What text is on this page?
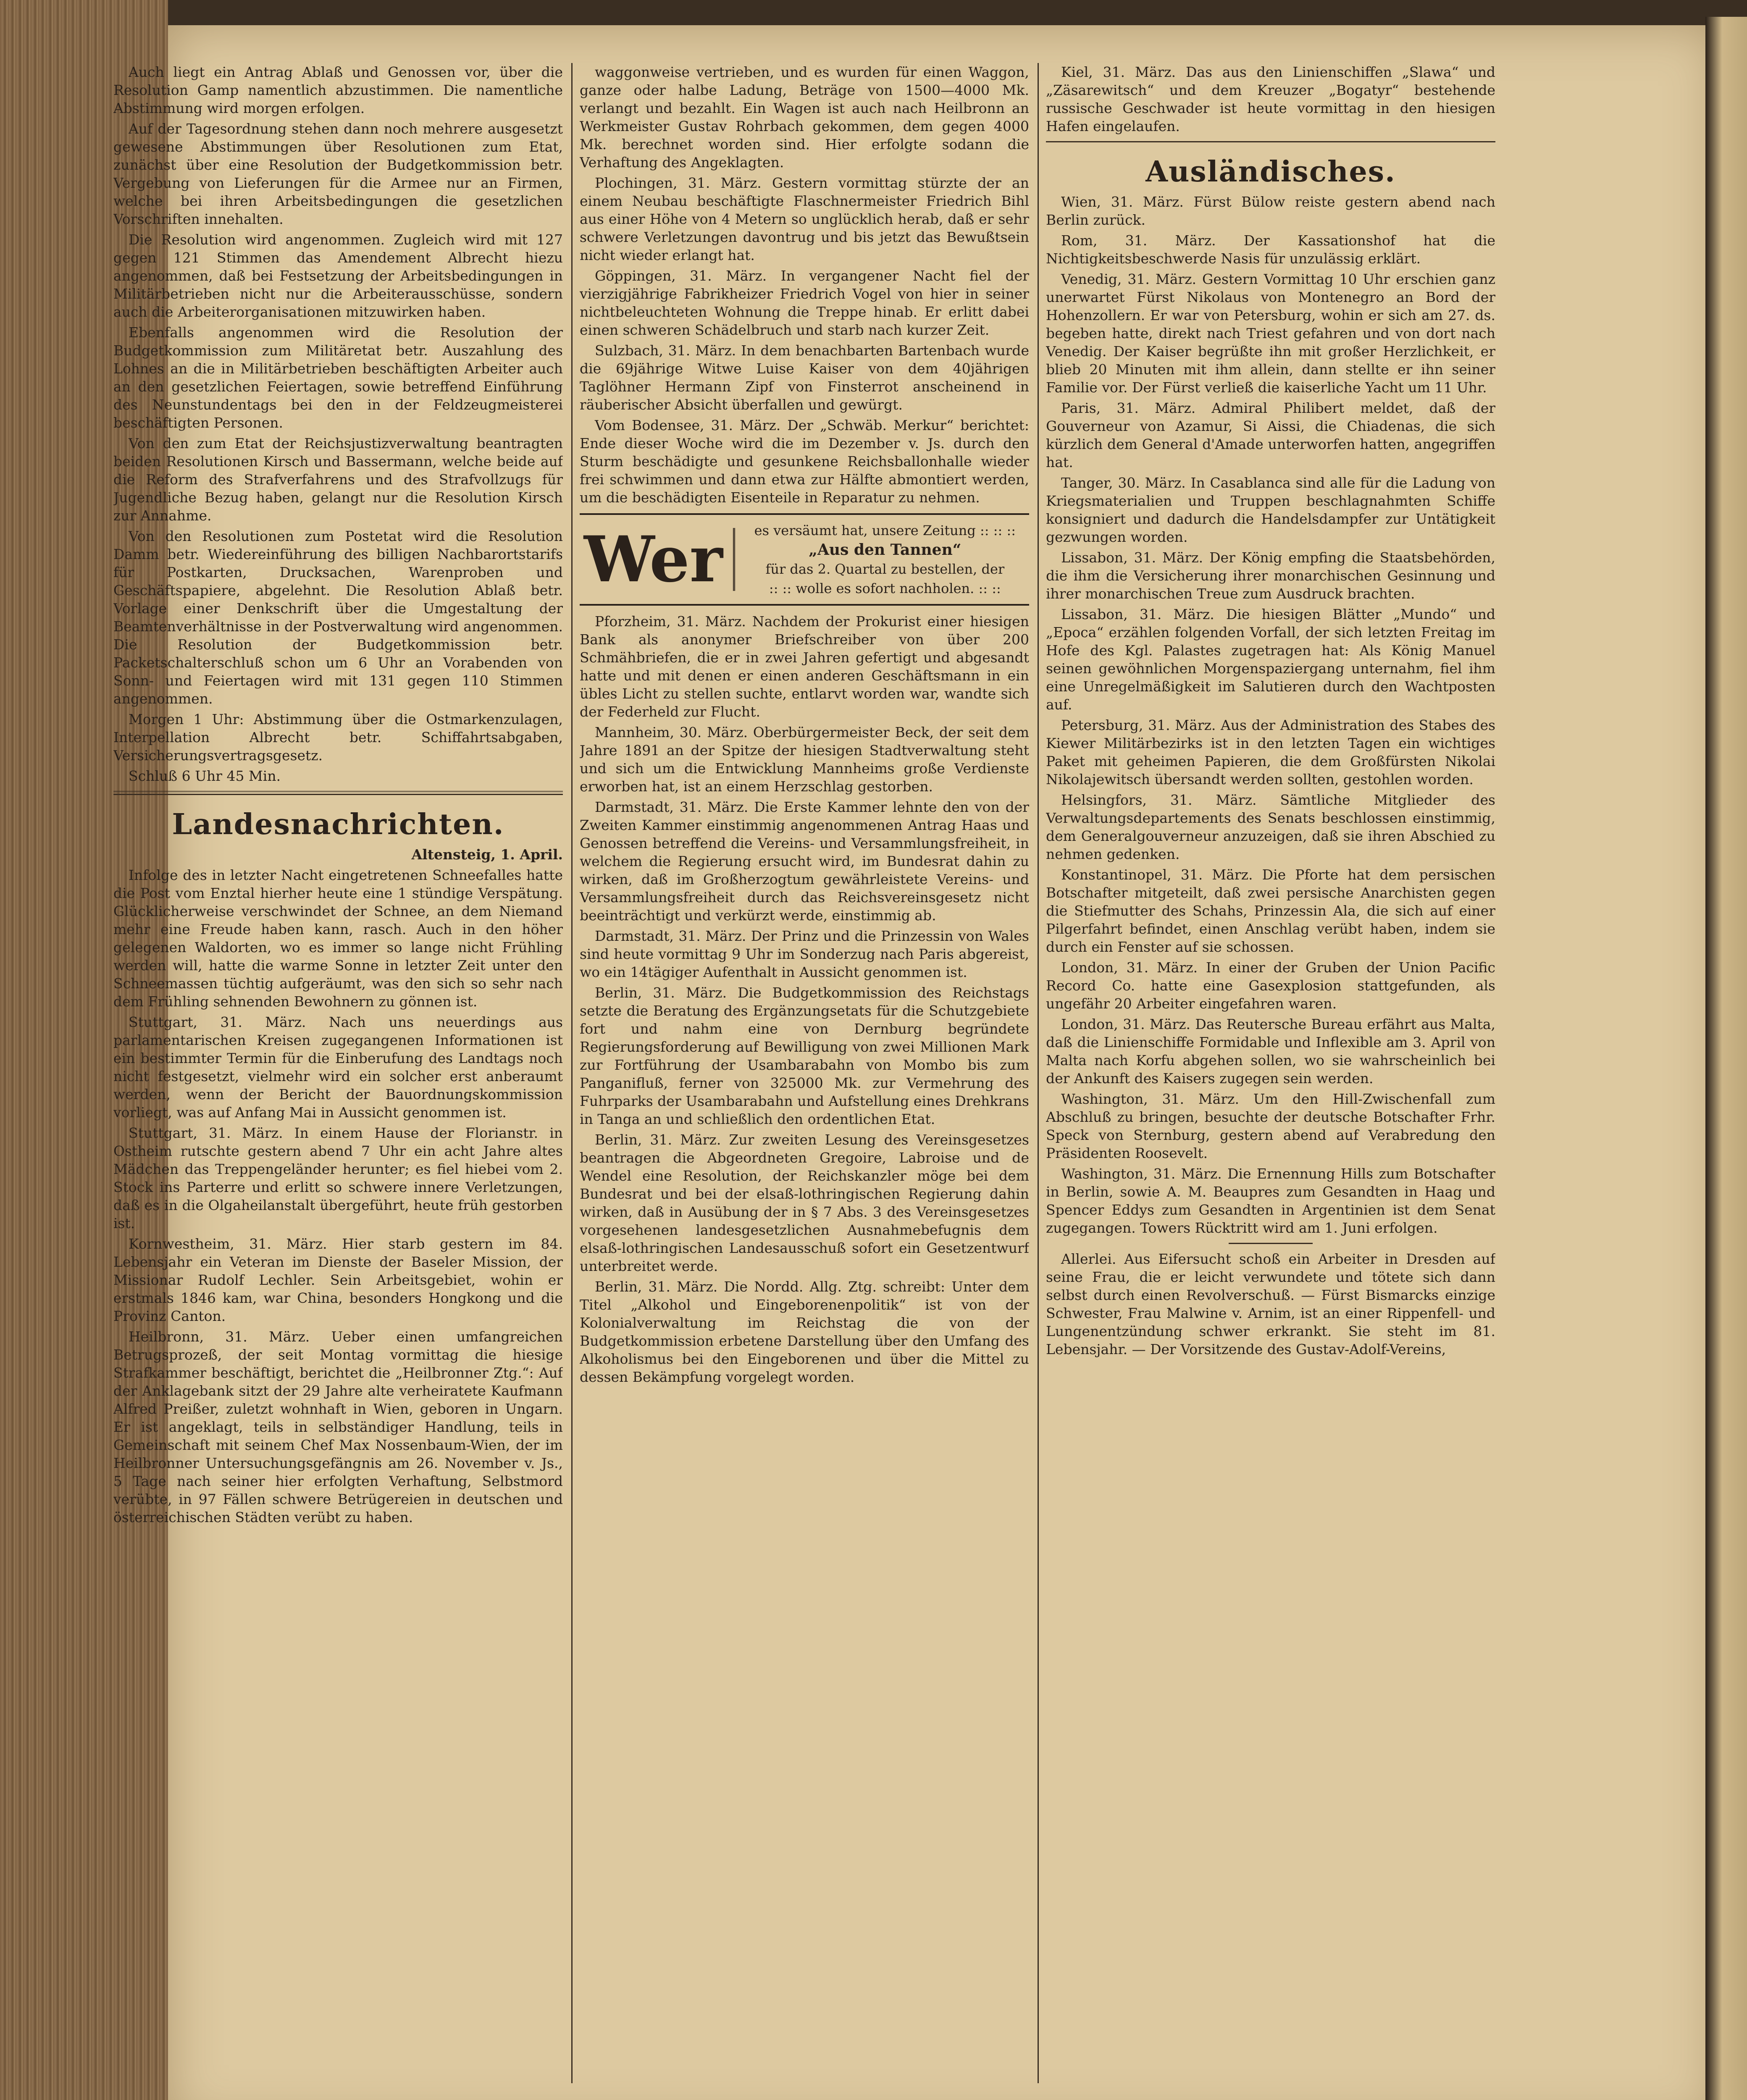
Auch liegt ein Antrag Ablaß und Genossen vor, über die Resolution Gamp namentlich abzustimmen. Die namentliche Abstimmung wird morgen erfolgen.

Auf der Tagesordnung stehen dann noch mehrere ausgesetzt gewesene Abstimmungen über Resolutionen zum Etat, zunächst über eine Resolution der Budgetkommission betr. Vergebung von Lieferungen für die Armee nur an Firmen, welche bei ihren Arbeitsbedingungen die gesetzlichen Vorschriften innehalten.

Die Resolution wird angenommen. Zugleich wird mit 127 gegen 121 Stimmen das Amendement Albrecht hiezu angenommen, daß bei Festsetzung der Arbeitsbedingungen in Militärbetrieben nicht nur die Arbeiterausschüsse, sondern auch die Arbeiterorganisationen mitzuwirken haben.

Ebenfalls angenommen wird die Resolution der Budgetkommission zum Militäretat betr. Auszahlung des Lohnes an die in Militärbetrieben beschäftigten Arbeiter auch an den gesetzlichen Feiertagen, sowie betreffend Einführung des Neunstundentags bei den in der Feldzeugmeisterei beschäftigten Personen.

Von den zum Etat der Reichsjustizverwaltung beantragten beiden Resolutionen Kirsch und Bassermann, welche beide auf die Reform des Strafverfahrens und des Strafvollzugs für Jugendliche Bezug haben, gelangt nur die Resolution Kirsch zur Annahme.

Von den Resolutionen zum Postetat wird die Resolution Damm betr. Wiedereinführung des billigen Nachbarortstarifs für Postkarten, Drucksachen, Warenproben und Geschäftspapiere, abgelehnt. Die Resolution Ablaß betr. Vorlage einer Denkschrift über die Umgestaltung der Beamtenverhältnisse in der Postverwaltung wird angenommen. Die Resolution der Budgetkommission betr. Packetschalterschluß schon um 6 Uhr an Vorabenden von Sonn- und Feiertagen wird mit 131 gegen 110 Stimmen angenommen.

Morgen 1 Uhr: Abstimmung über die Ostmarkenzulagen, Interpellation Albrecht betr. Schiffahrtsabgaben, Versicherungsvertragsgesetz.

Schluß 6 Uhr 45 Min.

Landesnachrichten.

Altensteig, 1. April.

Infolge des in letzter Nacht eingetretenen Schneefalles hatte die Post vom Enztal hierher heute eine 1 stündige Verspätung. Glücklicherweise verschwindet der Schnee, an dem Niemand mehr eine Freude haben kann, rasch. Auch in den höher gelegenen Waldorten, wo es immer so lange nicht Frühling werden will, hatte die warme Sonne in letzter Zeit unter den Schneemassen tüchtig aufgeräumt, was den sich so sehr nach dem Frühling sehnenden Bewohnern zu gönnen ist.

Stuttgart, 31. März. Nach uns neuerdings aus parlamentarischen Kreisen zugegangenen Informationen ist ein bestimmter Termin für die Einberufung des Landtags noch nicht festgesetzt, vielmehr wird ein solcher erst anberaumt werden, wenn der Bericht der Bauordnungskommission vorliegt, was auf Anfang Mai in Aussicht genommen ist.

Stuttgart, 31. März. In einem Hause der Florianstr. in Ostheim rutschte gestern abend 7 Uhr ein acht Jahre altes Mädchen das Treppengeländer herunter; es fiel hiebei vom 2. Stock ins Parterre und erlitt so schwere innere Verletzungen, daß es in die Olgaheilanstalt übergeführt, heute früh gestorben ist.

Kornwestheim, 31. März. Hier starb gestern im 84. Lebensjahr ein Veteran im Dienste der Baseler Mission, der Missionar Rudolf Lechler. Sein Arbeitsgebiet, wohin er erstmals 1846 kam, war China, besonders Hongkong und die Provinz Canton.

Heilbronn, 31. März. Ueber einen umfangreichen Betrugsprozeß, der seit Montag vormittag die hiesige Strafkammer beschäftigt, berichtet die „Heilbronner Ztg.“: Auf der Anklagebank sitzt der 29 Jahre alte verheiratete Kaufmann Alfred Preißer, zuletzt wohnhaft in Wien, geboren in Ungarn. Er ist angeklagt, teils in selbständiger Handlung, teils in Gemeinschaft mit seinem Chef Max Nossenbaum-Wien, der im Heilbronner Untersuchungsgefängnis am 26. November v. Js., 5 Tage nach seiner hier erfolgten Verhaftung, Selbstmord verübte, in 97 Fällen schwere Betrügereien in deutschen und österreichischen Städten verübt zu haben.

waggonweise vertrieben, und es wurden für einen Waggon, ganze oder halbe Ladung, Beträge von 1500—4000 Mk. verlangt und bezahlt. Ein Wagen ist auch nach Heilbronn an Werkmeister Gustav Rohrbach gekommen, dem gegen 4000 Mk. berechnet worden sind. Hier erfolgte sodann die Verhaftung des Angeklagten.

Plochingen, 31. März. Gestern vormittag stürzte der an einem Neubau beschäftigte Flaschnermeister Friedrich Bihl aus einer Höhe von 4 Metern so unglücklich herab, daß er sehr schwere Verletzungen davontrug und bis jetzt das Bewußtsein nicht wieder erlangt hat.

Göppingen, 31. März. In vergangener Nacht fiel der vierzigjährige Fabrikheizer Friedrich Vogel von hier in seiner nichtbeleuchteten Wohnung die Treppe hinab. Er erlitt dabei einen schweren Schädelbruch und starb nach kurzer Zeit.

Sulzbach, 31. März. In dem benachbarten Bartenbach wurde die 69jährige Witwe Luise Kaiser von dem 40jährigen Taglöhner Hermann Zipf von Finsterrot anscheinend in räuberischer Absicht überfallen und gewürgt.

Vom Bodensee, 31. März. Der „Schwäb. Merkur“ berichtet: Ende dieser Woche wird die im Dezember v. Js. durch den Sturm beschädigte und gesunkene Reichsballonhalle wieder frei schwimmen und dann etwa zur Hälfte abmontiert werden, um die beschädigten Eisenteile in Reparatur zu nehmen.

Wer	es versäumt hat, unsere Zeitung :: :: ::
„Aus den Tannen“
für das 2. Quartal zu bestellen, der
:: :: wolle es sofort nachholen. :: ::

Pforzheim, 31. März. Nachdem der Prokurist einer hiesigen Bank als anonymer Briefschreiber von über 200 Schmähbriefen, die er in zwei Jahren gefertigt und abgesandt hatte und mit denen er einen anderen Geschäftsmann in ein übles Licht zu stellen suchte, entlarvt worden war, wandte sich der Federheld zur Flucht.

Mannheim, 30. März. Oberbürgermeister Beck, der seit dem Jahre 1891 an der Spitze der hiesigen Stadtverwaltung steht und sich um die Entwicklung Mannheims große Verdienste erworben hat, ist an einem Herzschlag gestorben.

Darmstadt, 31. März. Die Erste Kammer lehnte den von der Zweiten Kammer einstimmig angenommenen Antrag Haas und Genossen betreffend die Vereins- und Versammlungsfreiheit, in welchem die Regierung ersucht wird, im Bundesrat dahin zu wirken, daß im Großherzogtum gewährleistete Vereins- und Versammlungsfreiheit durch das Reichsvereinsgesetz nicht beeinträchtigt und verkürzt werde, einstimmig ab.

Darmstadt, 31. März. Der Prinz und die Prinzessin von Wales sind heute vormittag 9 Uhr im Sonderzug nach Paris abgereist, wo ein 14tägiger Aufenthalt in Aussicht genommen ist.

Berlin, 31. März. Die Budgetkommission des Reichstags setzte die Beratung des Ergänzungsetats für die Schutzgebiete fort und nahm eine von Dernburg begründete Regierungsforderung auf Bewilligung von zwei Millionen Mark zur Fortführung der Usambarabahn von Mombo bis zum Panganifluß, ferner von 325000 Mk. zur Vermehrung des Fuhrparks der Usambarabahn und Aufstellung eines Drehkrans in Tanga an und schließlich den ordentlichen Etat.

Berlin, 31. März. Zur zweiten Lesung des Vereinsgesetzes beantragen die Abgeordneten Gregoire, Labroise und de Wendel eine Resolution, der Reichskanzler möge bei dem Bundesrat und bei der elsaß-lothringischen Regierung dahin wirken, daß in Ausübung der in § 7 Abs. 3 des Vereinsgesetzes vorgesehenen landesgesetzlichen Ausnahmebefugnis dem elsaß-lothringischen Landesausschuß sofort ein Gesetzentwurf unterbreitet werde.

Berlin, 31. März. Die Nordd. Allg. Ztg. schreibt: Unter dem Titel „Alkohol und Eingeborenenpolitik“ ist von der Kolonialverwaltung im Reichstag die von der Budgetkommission erbetene Darstellung über den Umfang des Alkoholismus bei den Eingeborenen und über die Mittel zu dessen Bekämpfung vorgelegt worden.

Kiel, 31. März. Das aus den Linienschiffen „Slawa“ und „Zäsarewitsch“ und dem Kreuzer „Bogatyr“ bestehende russische Geschwader ist heute vormittag in den hiesigen Hafen eingelaufen.

Ausländisches.

Wien, 31. März. Fürst Bülow reiste gestern abend nach Berlin zurück.

Rom, 31. März. Der Kassationshof hat die Nichtigkeitsbeschwerde Nasis für unzulässig erklärt.

Venedig, 31. März. Gestern Vormittag 10 Uhr erschien ganz unerwartet Fürst Nikolaus von Montenegro an Bord der Hohenzollern. Er war von Petersburg, wohin er sich am 27. ds. begeben hatte, direkt nach Triest gefahren und von dort nach Venedig. Der Kaiser begrüßte ihn mit großer Herzlichkeit, er blieb 20 Minuten mit ihm allein, dann stellte er ihn seiner Familie vor. Der Fürst verließ die kaiserliche Yacht um 11 Uhr.

Paris, 31. März. Admiral Philibert meldet, daß der Gouverneur von Azamur, Si Aissi, die Chiadenas, die sich kürzlich dem General d'Amade unterworfen hatten, angegriffen hat.

Tanger, 30. März. In Casablanca sind alle für die Ladung von Kriegsmaterialien und Truppen beschlagnahmten Schiffe konsigniert und dadurch die Handelsdampfer zur Untätigkeit gezwungen worden.

Lissabon, 31. März. Der König empfing die Staatsbehörden, die ihm die Versicherung ihrer monarchischen Gesinnung und ihrer monarchischen Treue zum Ausdruck brachten.

Lissabon, 31. März. Die hiesigen Blätter „Mundo“ und „Epoca“ erzählen folgenden Vorfall, der sich letzten Freitag im Hofe des Kgl. Palastes zugetragen hat: Als König Manuel seinen gewöhnlichen Morgenspaziergang unternahm, fiel ihm eine Unregelmäßigkeit im Salutieren durch den Wachtposten auf.

Petersburg, 31. März. Aus der Administration des Stabes des Kiewer Militärbezirks ist in den letzten Tagen ein wichtiges Paket mit geheimen Papieren, die dem Großfürsten Nikolai Nikolajewitsch übersandt werden sollten, gestohlen worden.

Helsingfors, 31. März. Sämtliche Mitglieder des Verwaltungsdepartements des Senats beschlossen einstimmig, dem Generalgouverneur anzuzeigen, daß sie ihren Abschied zu nehmen gedenken.

Konstantinopel, 31. März. Die Pforte hat dem persischen Botschafter mitgeteilt, daß zwei persische Anarchisten gegen die Stiefmutter des Schahs, Prinzessin Ala, die sich auf einer Pilgerfahrt befindet, einen Anschlag verübt haben, indem sie durch ein Fenster auf sie schossen.

London, 31. März. In einer der Gruben der Union Pacific Record Co. hatte eine Gasexplosion stattgefunden, als ungefähr 20 Arbeiter eingefahren waren.

London, 31. März. Das Reutersche Bureau erfährt aus Malta, daß die Linienschiffe Formidable und Inflexible am 3. April von Malta nach Korfu abgehen sollen, wo sie wahrscheinlich bei der Ankunft des Kaisers zugegen sein werden.

Washington, 31. März. Um den Hill-Zwischenfall zum Abschluß zu bringen, besuchte der deutsche Botschafter Frhr. Speck von Sternburg, gestern abend auf Verabredung den Präsidenten Roosevelt.

Washington, 31. März. Die Ernennung Hills zum Botschafter in Berlin, sowie A. M. Beaupres zum Gesandten in Haag und Spencer Eddys zum Gesandten in Argentinien ist dem Senat zugegangen. Towers Rücktritt wird am 1. Juni erfolgen.

Allerlei. Aus Eifersucht schoß ein Arbeiter in Dresden auf seine Frau, die er leicht verwundete und tötete sich dann selbst durch einen Revolverschuß. — Fürst Bismarcks einzige Schwester, Frau Malwine v. Arnim, ist an einer Rippenfell- und Lungenentzündung schwer erkrankt. Sie steht im 81. Lebensjahr. — Der Vorsitzende des Gustav-Adolf-Vereins,
